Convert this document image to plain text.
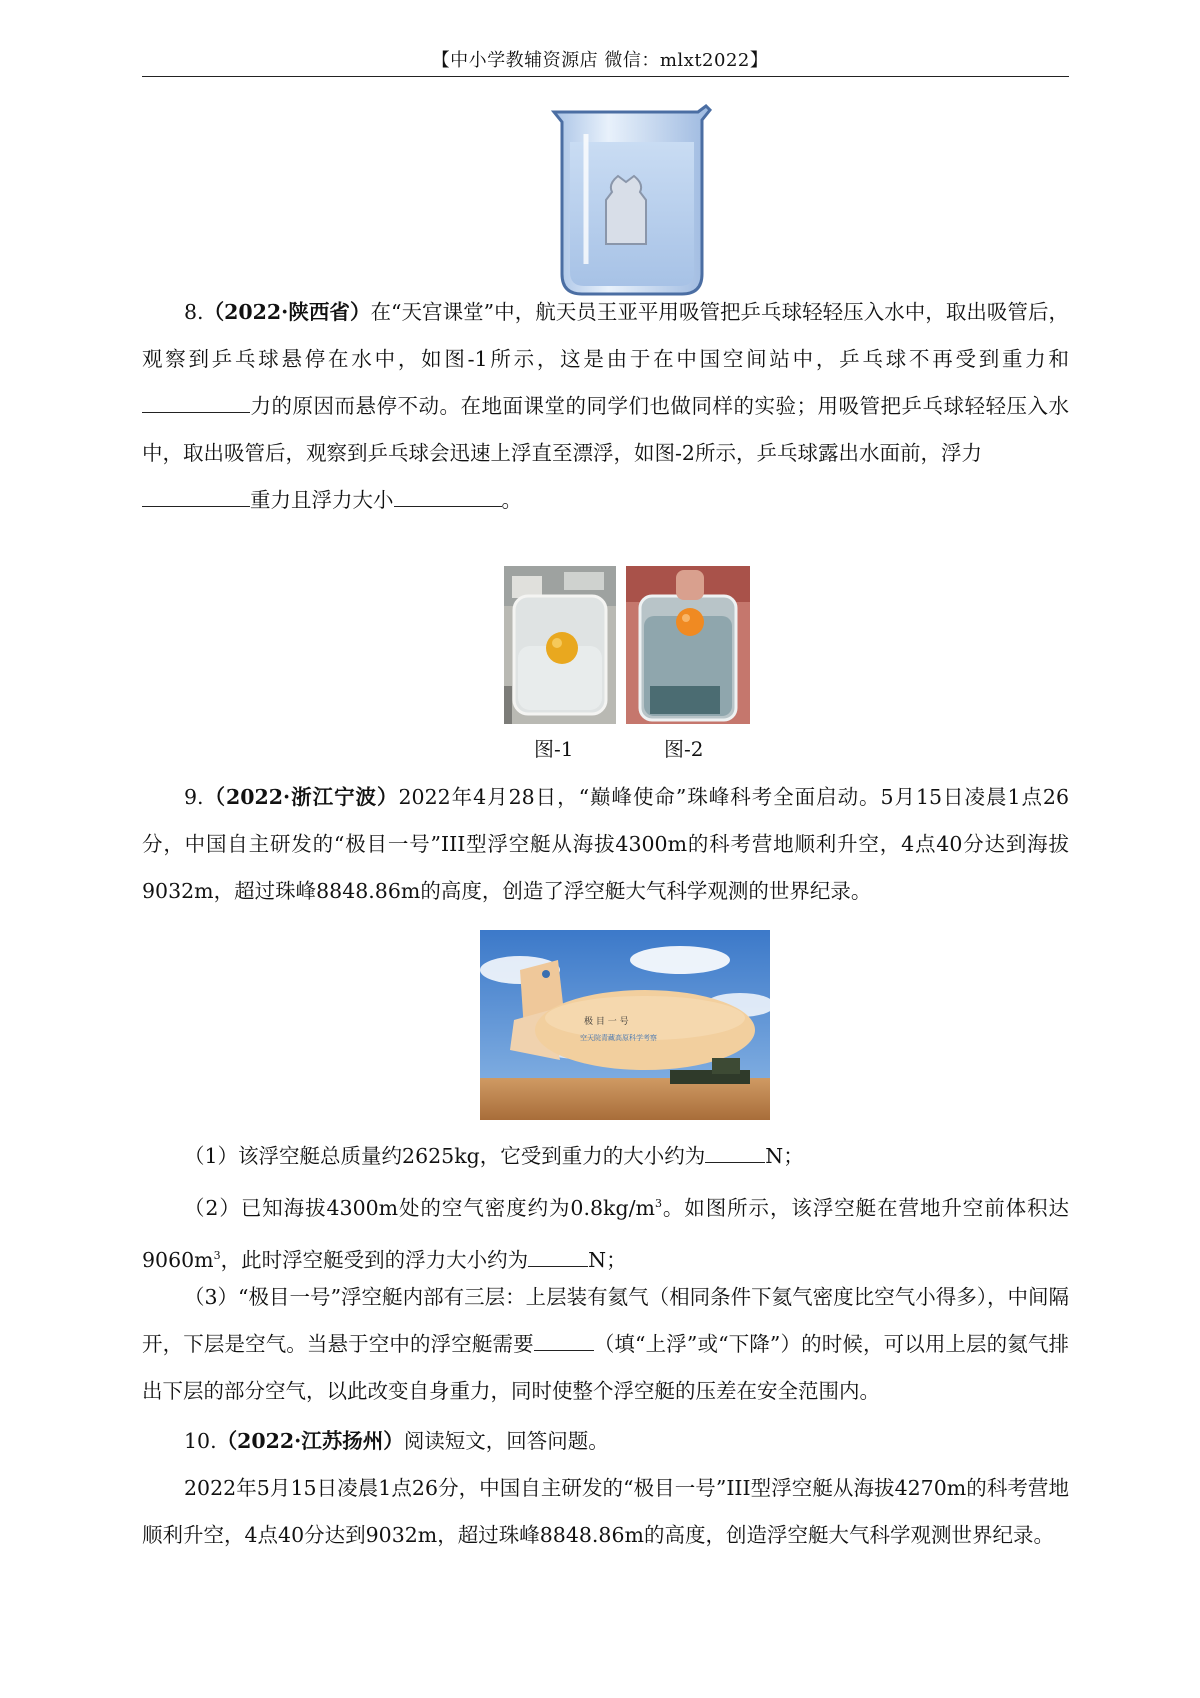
【中小学教辅资源店 微信：mlxt2022】
8.（2022·陕西省）在“天宫课堂”中，航天员王亚平用吸管把乒乓球轻轻压入水中，取出吸管后，观察到乒乓球悬停在水中，如图-1所示，这是由于在中国空间站中，乒乓球不再受到重力和力的原因而悬停不动。在地面课堂的同学们也做同样的实验；用吸管把乒乓球轻轻压入水中，取出吸管后，观察到乒乓球会迅速上浮直至漂浮，如图-2所示，乒乓球露出水面前，浮力
重力且浮力大小	。
图-1	图-2
9.（2022·浙江宁波）2022年4月28日，“巅峰使命”珠峰科考全面启动。5月15日凌晨1点26分，中国自主研发的“极目一号”III型浮空艇从海拔4300m的科考营地顺利升空，4点40分达到海拔9032m，超过珠峰8848.86m的高度，创造了浮空艇大气科学观测的世界纪录。
极 目 一 号
空天院青藏高原科学考察
（1）该浮空艇总质量约2625kg，它受到重力的大小约为	N；
（2）已知海拔4300m处的空气密度约为$0.8kg/m^3$。如图所示，该浮空艇在营地升空前体积达$9060m^3$，此时浮空艇受到的浮力大小约为	N；
（3）“极目一号”浮空艇内部有三层：上层装有氦气（相同条件下氦气密度比空气小得多），中间隔开，下层是空气。当悬于空中的浮空艇需要	（填“上浮”或“下降”）的时候，可以用上层的氦气排出下层的部分空气，以此改变自身重力，同时使整个浮空艇的压差在安全范围内。
10.（2022·江苏扬州）阅读短文，回答问题。
2022年5月15日凌晨1点26分，中国自主研发的“极目一号”III型浮空艇从海拔4270m的科考营地顺利升空，4点40分达到9032m，超过珠峰8848.86m的高度，创造浮空艇大气科学观测世界纪录。
